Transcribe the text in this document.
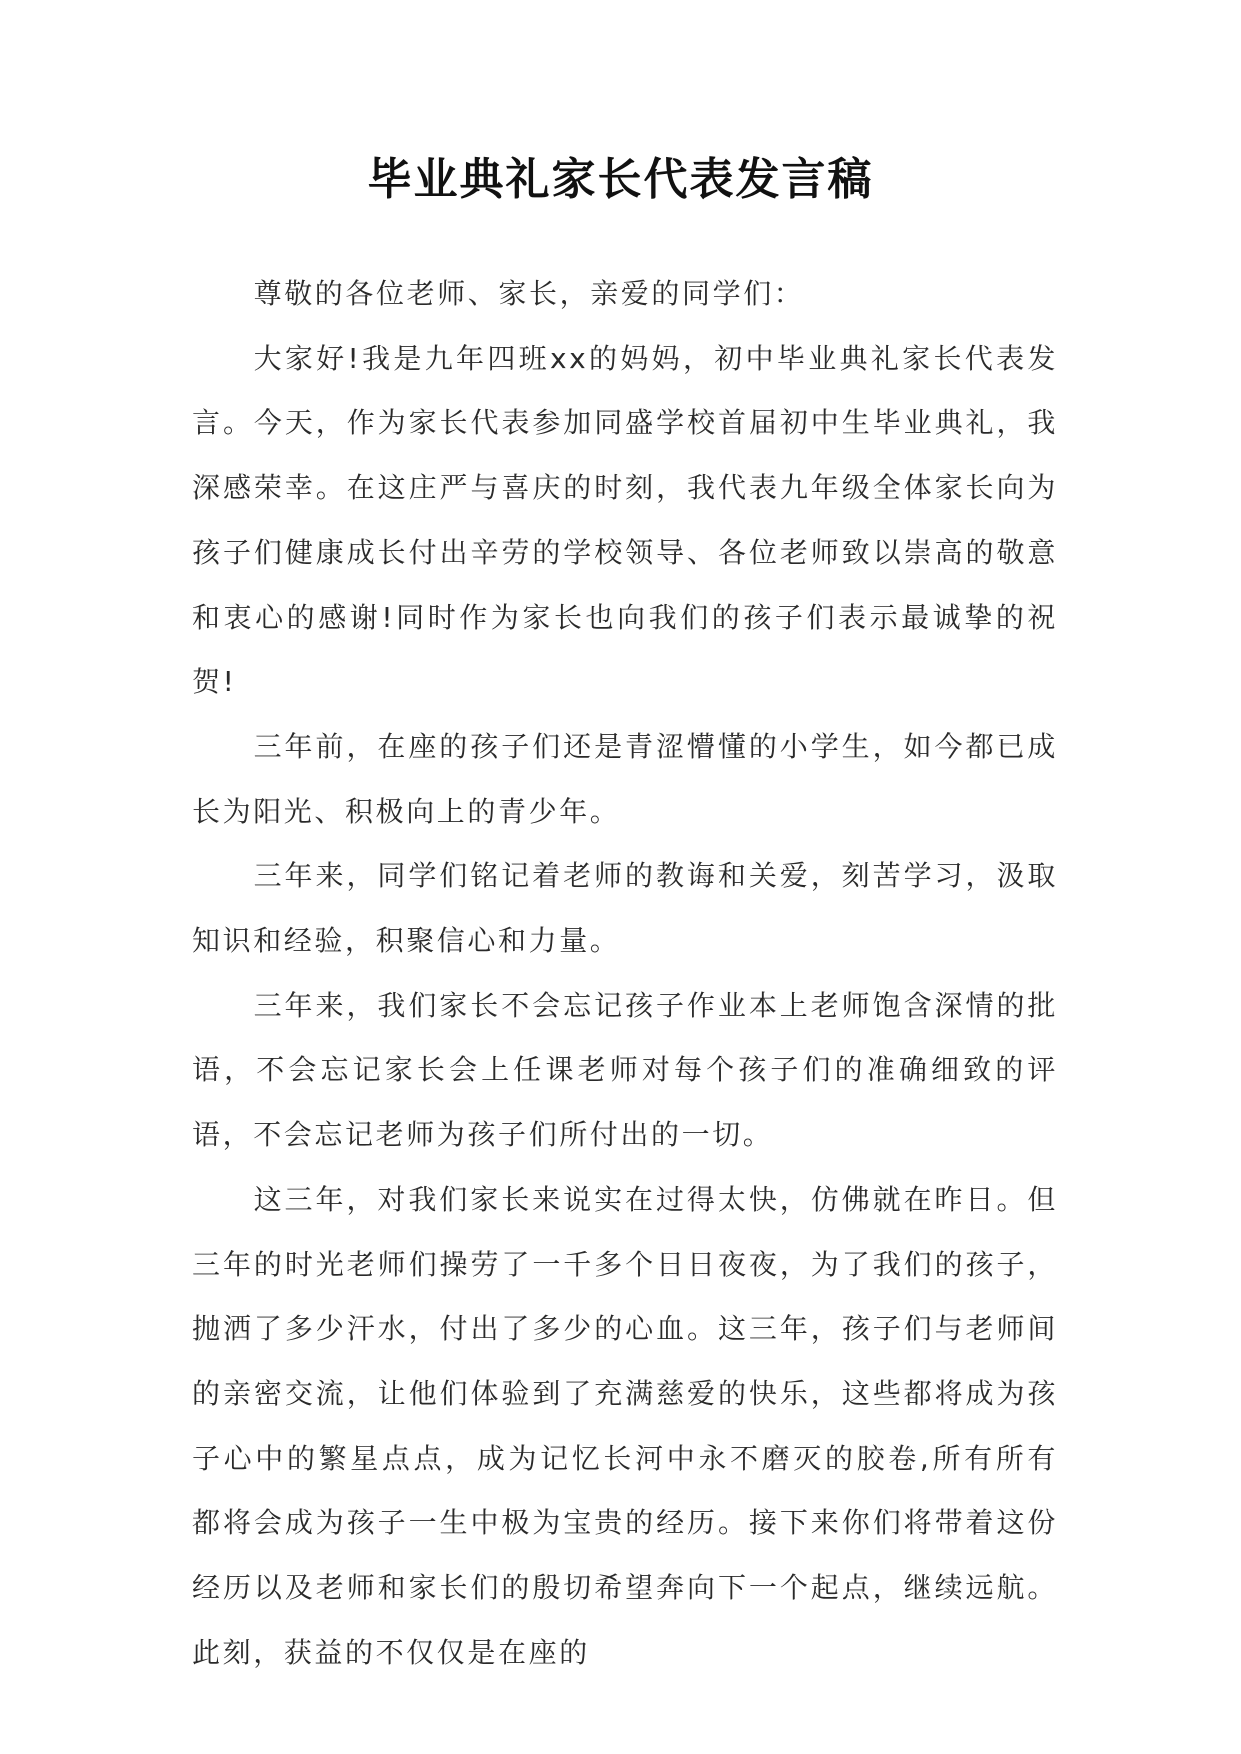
毕业典礼家长代表发言稿

尊敬的各位老师、家长，亲爱的同学们：

大家好!我是九年四班xx的妈妈，初中毕业典礼家长代表发言。今天，作为家长代表参加同盛学校首届初中生毕业典礼，我深感荣幸。在这庄严与喜庆的时刻，我代表九年级全体家长向为孩子们健康成长付出辛劳的学校领导、各位老师致以崇高的敬意和衷心的感谢!同时作为家长也向我们的孩子们表示最诚挚的祝贺!

三年前，在座的孩子们还是青涩懵懂的小学生，如今都已成长为阳光、积极向上的青少年。

三年来，同学们铭记着老师的教诲和关爱，刻苦学习，汲取知识和经验，积聚信心和力量。

三年来，我们家长不会忘记孩子作业本上老师饱含深情的批语，不会忘记家长会上任课老师对每个孩子们的准确细致的评语，不会忘记老师为孩子们所付出的一切。

这三年，对我们家长来说实在过得太快，仿佛就在昨日。但三年的时光老师们操劳了一千多个日日夜夜，为了我们的孩子，抛洒了多少汗水，付出了多少的心血。这三年，孩子们与老师间的亲密交流，让他们体验到了充满慈爱的快乐，这些都将成为孩子心中的繁星点点，成为记忆长河中永不磨灭的胶卷,所有所有都将会成为孩子一生中极为宝贵的经历。接下来你们将带着这份经历以及老师和家长们的殷切希望奔向下一个起点，继续远航。此刻，获益的不仅仅是在座的
